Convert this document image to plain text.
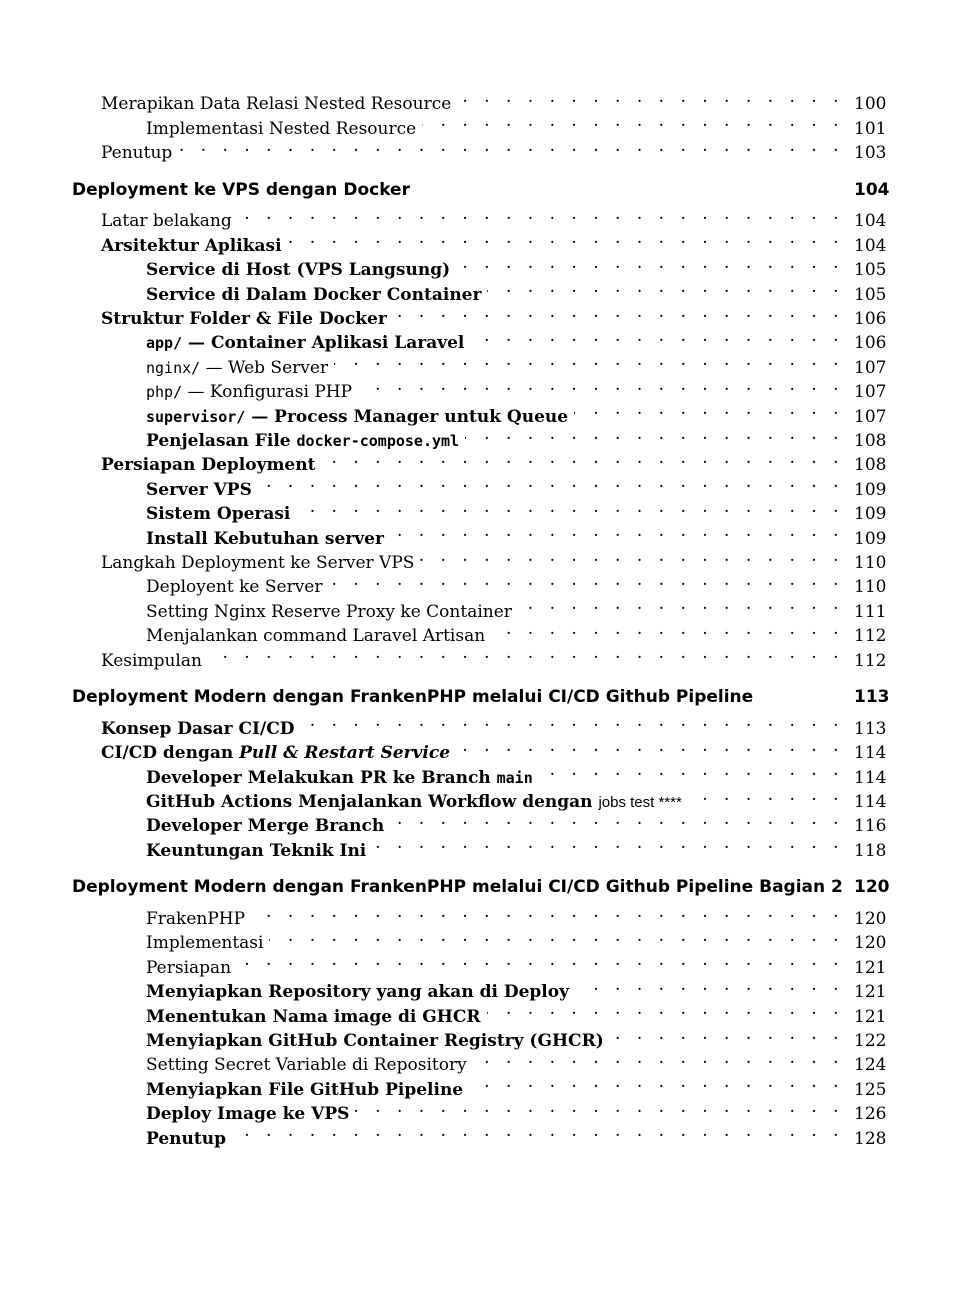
Merapikan Data Relasi Nested Resource . . .	100
Implementasi Nested Resource . . .	101
Penutup . . .	103
Deployment ke VPS dengan Docker	104
Latar belakang . . .	104
Arsitektur Aplikasi . . .	104
Service di Host (VPS Langsung) . . .	105
Service di Dalam Docker Container . . .	105
Struktur Folder & File Docker . . .	106
app/ — Container Aplikasi Laravel . . .	106
nginx/ — Web Server . . .	107
php/ — Konfigurasi PHP . . .	107
supervisor/ — Process Manager untuk Queue . . .	107
Penjelasan File docker-compose.yml . . .	108
Persiapan Deployment . . .	108
Server VPS . . .	109
Sistem Operasi . . .	109
Install Kebutuhan server . . .	109
Langkah Deployment ke Server VPS . . .	110
Deployent ke Server . . .	110
Setting Nginx Reserve Proxy ke Container . . .	111
Menjalankan command Laravel Artisan . . .	112
Kesimpulan . . .	112
Deployment Modern dengan FrankenPHP melalui CI/CD Github Pipeline	113
Konsep Dasar CI/CD . . .	113
CI/CD dengan Pull & Restart Service . . .	114
Developer Melakukan PR ke Branch main . . .	114
GitHub Actions Menjalankan Workflow dengan jobs test **** . . .	114
Developer Merge Branch . . .	116
Keuntungan Teknik Ini . . .	118
Deployment Modern dengan FrankenPHP melalui CI/CD Github Pipeline Bagian 2 120
FrakenPHP . . .	120
Implementasi . . .	120
Persiapan . . .	121
Menyiapkan Repository yang akan di Deploy . . .	121
Menentukan Nama image di GHCR . . .	121
Menyiapkan GitHub Container Registry (GHCR) . . .	122
Setting Secret Variable di Repository . . .	124
Menyiapkan File GitHub Pipeline . . .	125
Deploy Image ke VPS . . .	126
Penutup . . .	128
